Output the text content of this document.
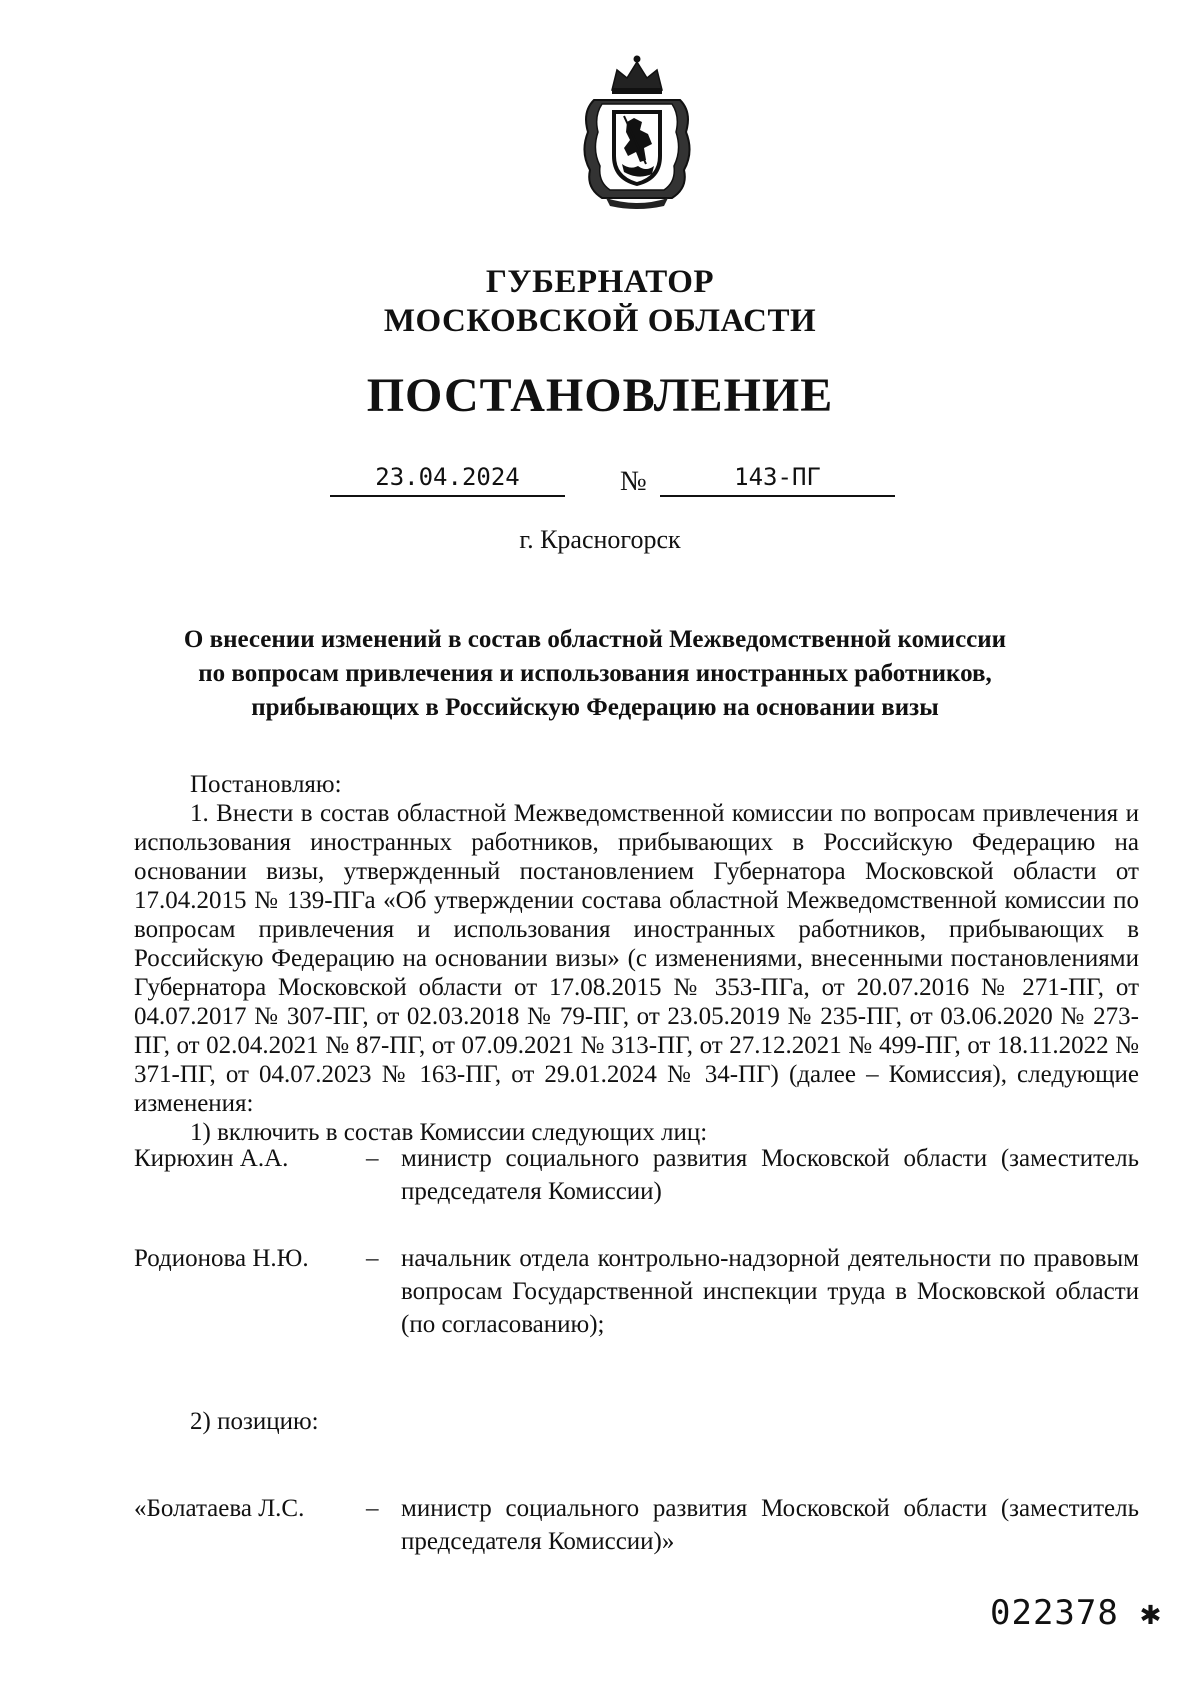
ГУБЕРНАТОР
МОСКОВСКОЙ ОБЛАСТИ
ПОСТАНОВЛЕНИЕ
23.04.2024	№	143-ПГ
г. Красногорск
О внесении изменений в состав областной Межведомственной комиссии
по вопросам привлечения и использования иностранных работников,
прибывающих в Российскую Федерацию на основании визы

Постановляю:

1. Внести в состав областной Межведомственной комиссии по вопросам привлечения и использования иностранных работников, прибывающих в Российскую Федерацию на основании визы, утвержденный постановлением Губернатора Московской области от 17.04.2015 № 139-ПГа «Об утверждении состава областной Межведомственной комиссии по вопросам привлечения и использования иностранных работников, прибывающих в Российскую Федерацию на основании визы» (с изменениями, внесенными постановлениями Губернатора Московской области от 17.08.2015 № 353-ПГа, от 20.07.2016 № 271-ПГ, от 04.07.2017 № 307-ПГ, от 02.03.2018 № 79-ПГ, от 23.05.2019 № 235-ПГ, от 03.06.2020 № 273-ПГ, от 02.04.2021 № 87-ПГ, от 07.09.2021 № 313-ПГ, от 27.12.2021 № 499-ПГ, от 18.11.2022 № 371-ПГ, от 04.07.2023 № 163-ПГ, от 29.01.2024 № 34-ПГ) (далее – Комиссия), следующие изменения:

1) включить в состав Комиссии следующих лиц:

Кирюхин А.А.	– министр социального развития Московской области (заместитель председателя Комиссии)
Родионова Н.Ю.	– начальник отдела контрольно-надзорной деятельности по правовым вопросам Государственной инспекции труда в Московской области (по согласованию);
2) позицию:
«Болатаева Л.С.	– министр социального развития Московской области (заместитель председателя Комиссии)»
022378 ✱
